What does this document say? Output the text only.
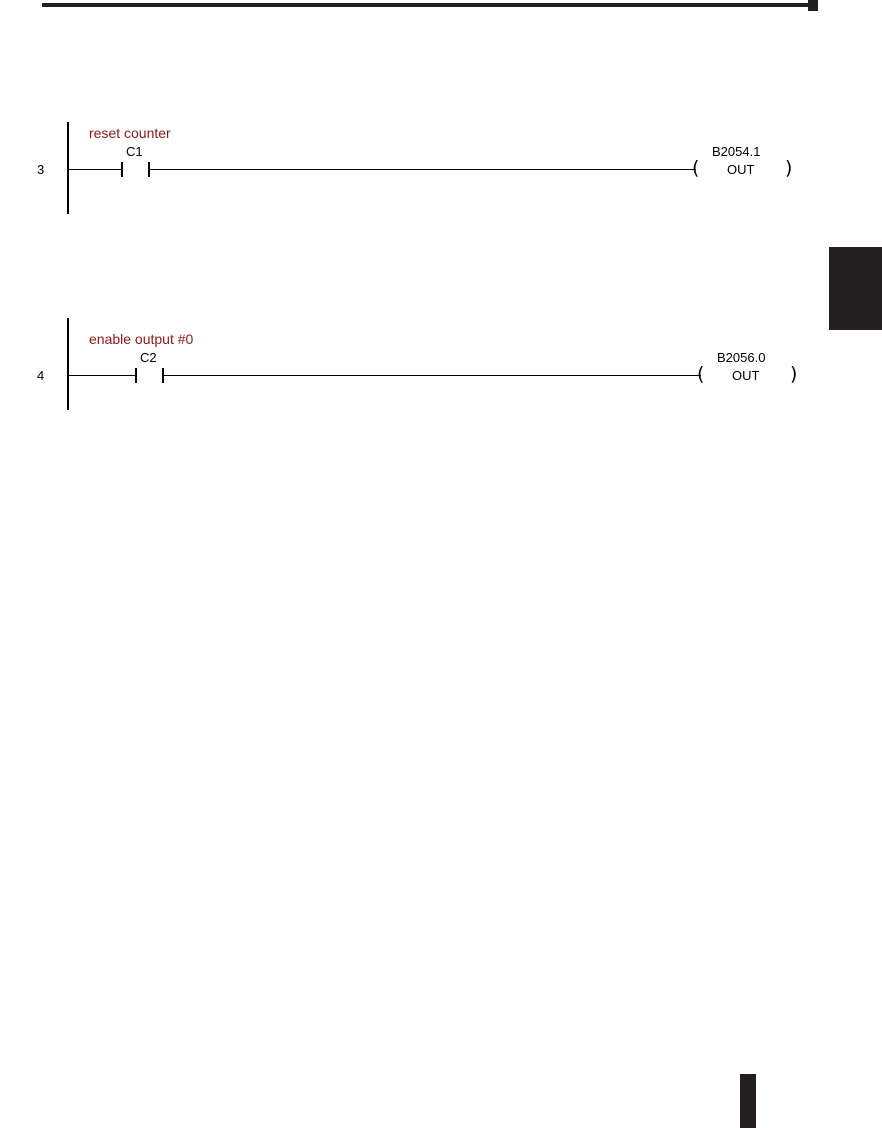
3
reset counter
C1
(
B2054.1
OUT )
4
enable output #0
C2
(
B2056.0
OUT )
